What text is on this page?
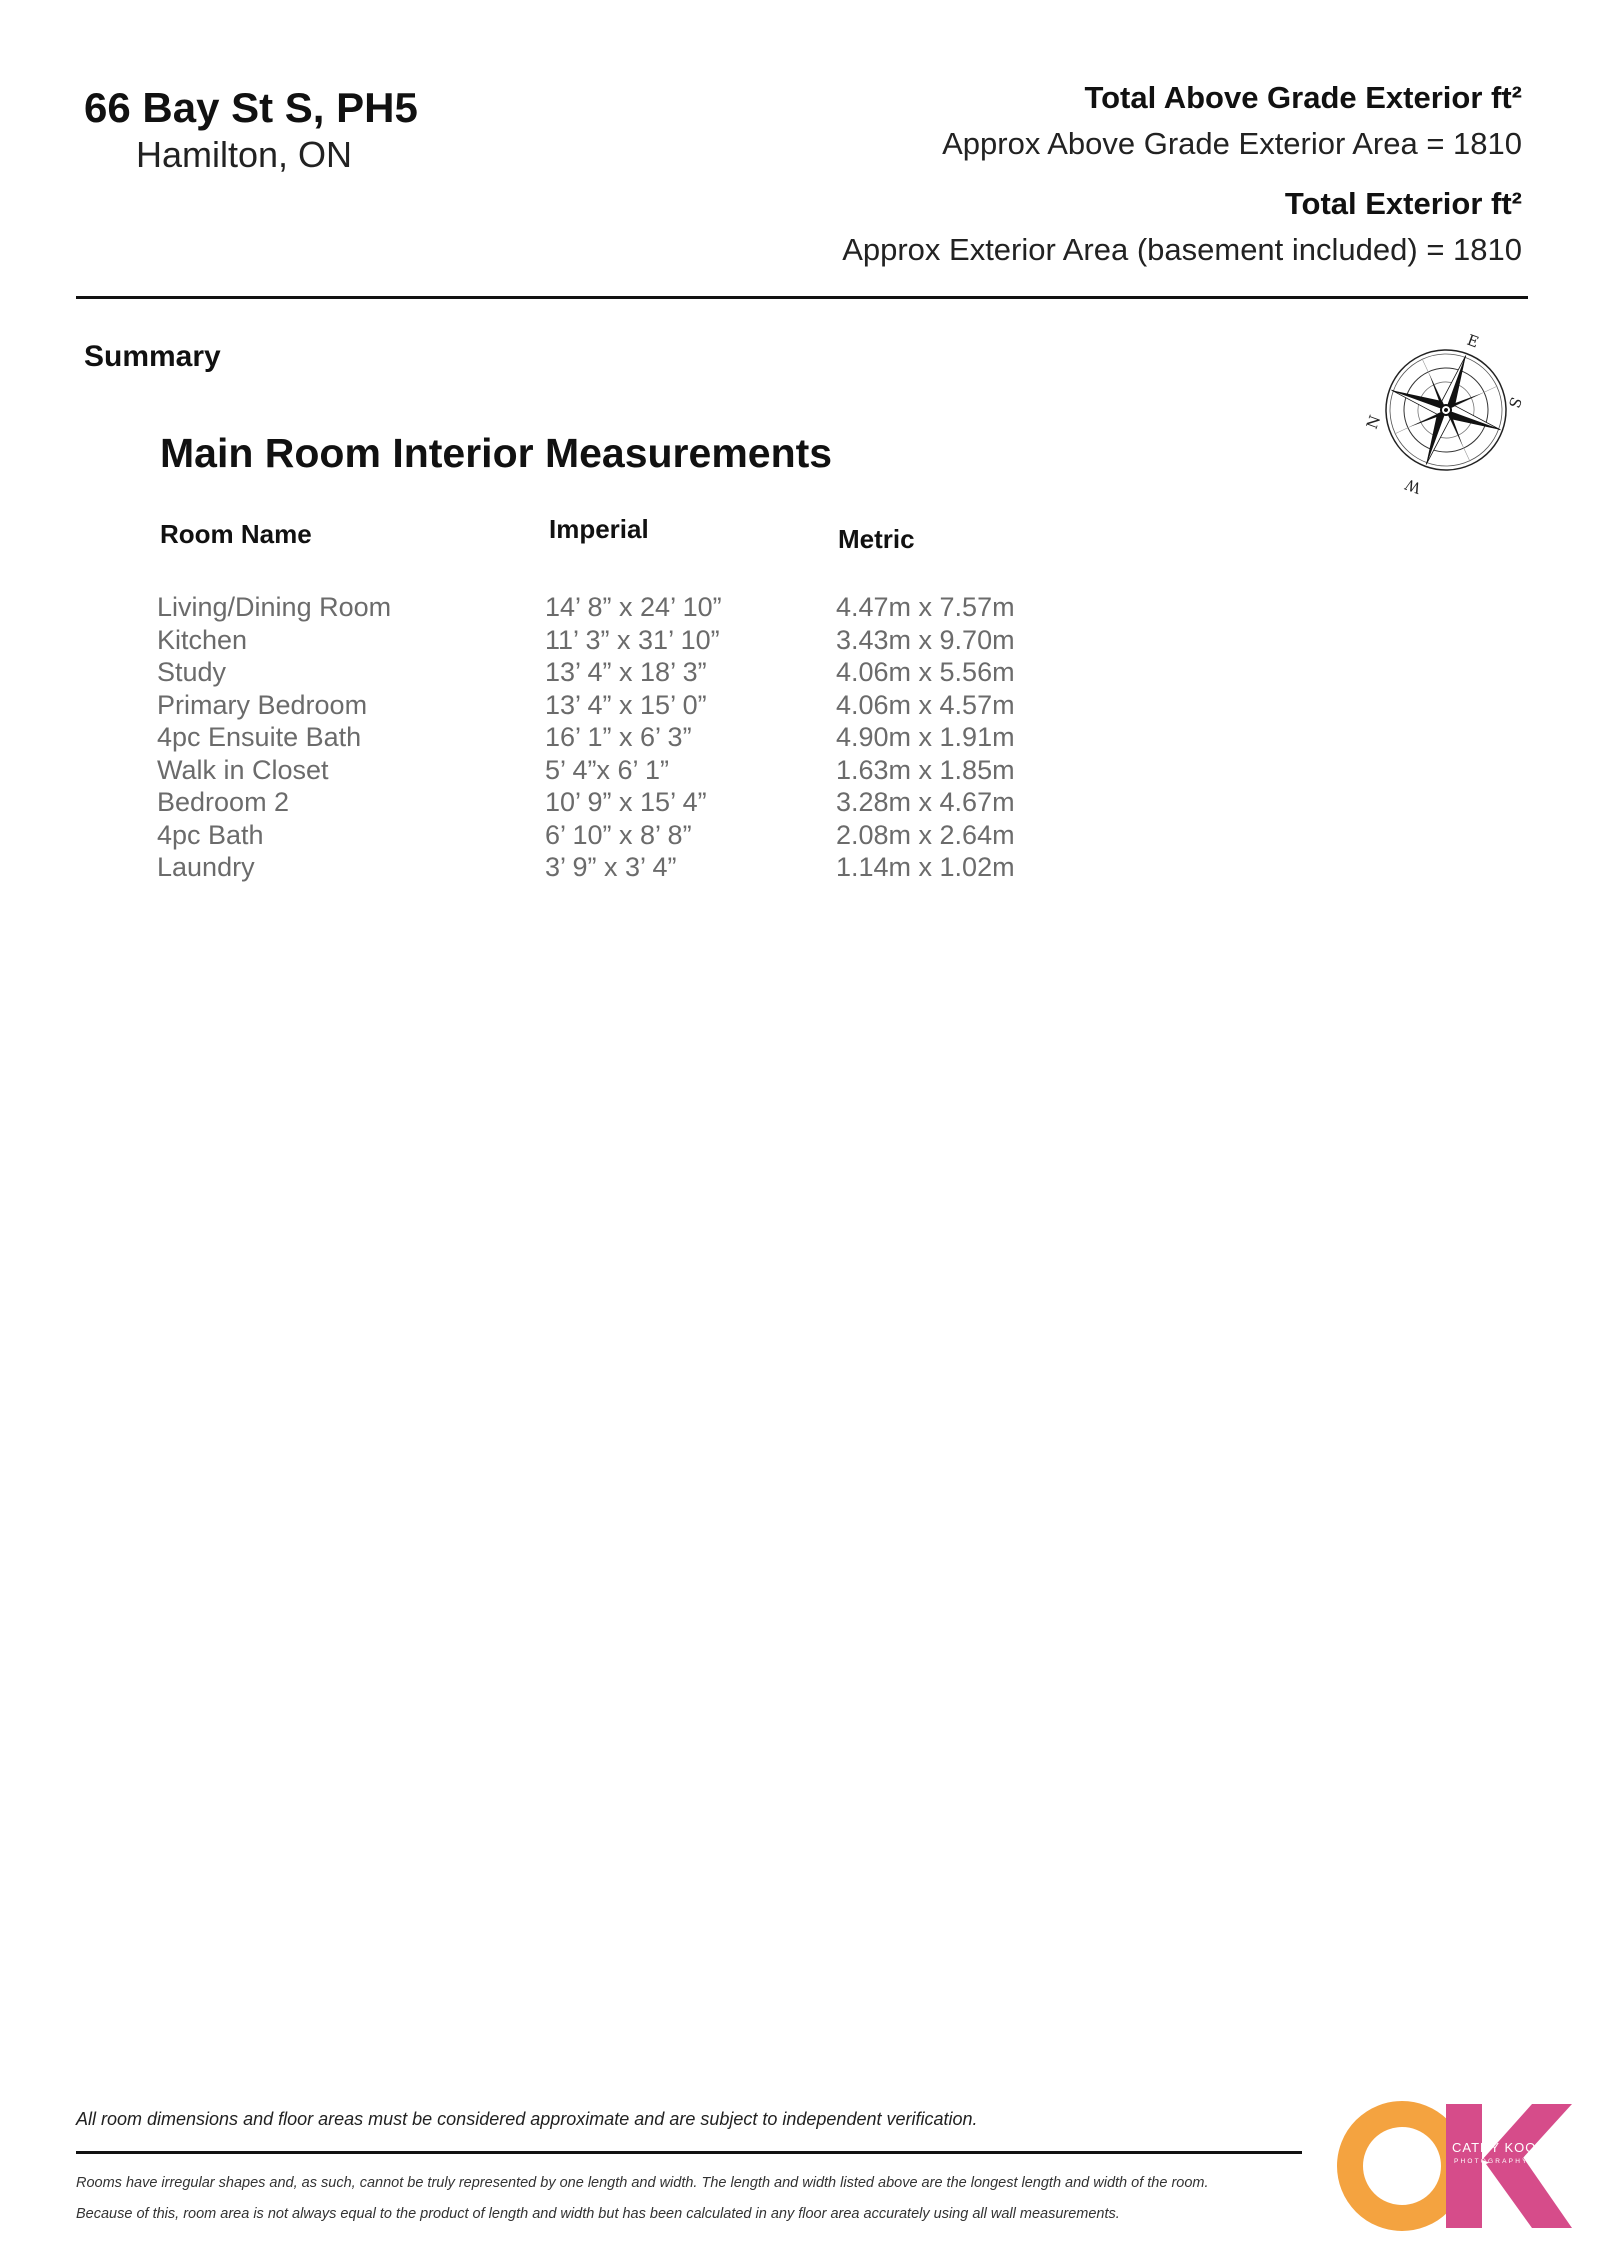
66 Bay St S, PH5
Hamilton, ON
Total Above Grade Exterior ft²
Approx Above Grade Exterior Area = 1810
Total Exterior ft²
Approx Exterior Area (basement included) = 1810
Summary
N
E
S
W
Main Room Interior Measurements
Room Name	Imperial	Metric
Living/Dining Room	14’ 8” x 24’ 10”	4.47m x 7.57m
Kitchen	11’ 3” x 31’ 10”	3.43m x 9.70m
Study	13’ 4” x 18’ 3”	4.06m x 5.56m
Primary Bedroom	13’ 4” x 15’ 0”	4.06m x 4.57m
4pc Ensuite Bath	16’ 1” x 6’ 3”	4.90m x 1.91m
Walk in Closet	5’ 4”x 6’ 1”	1.63m x 1.85m
Bedroom 2	10’ 9” x 15’ 4”	3.28m x 4.67m
4pc Bath	6’ 10” x 8’ 8”	2.08m x 2.64m
Laundry	3’ 9” x 3’ 4”	1.14m x 1.02m
All room dimensions and floor areas must be considered approximate and are subject to independent verification.
Rooms have irregular shapes and, as such, cannot be truly represented by one length and width. The length and width listed above are the longest length and width of the room.
Because of this, room area is not always equal to the product of length and width but has been calculated in any floor area accurately using all wall measurements.
CATHY KOOP
PHOTOGRAPHY
